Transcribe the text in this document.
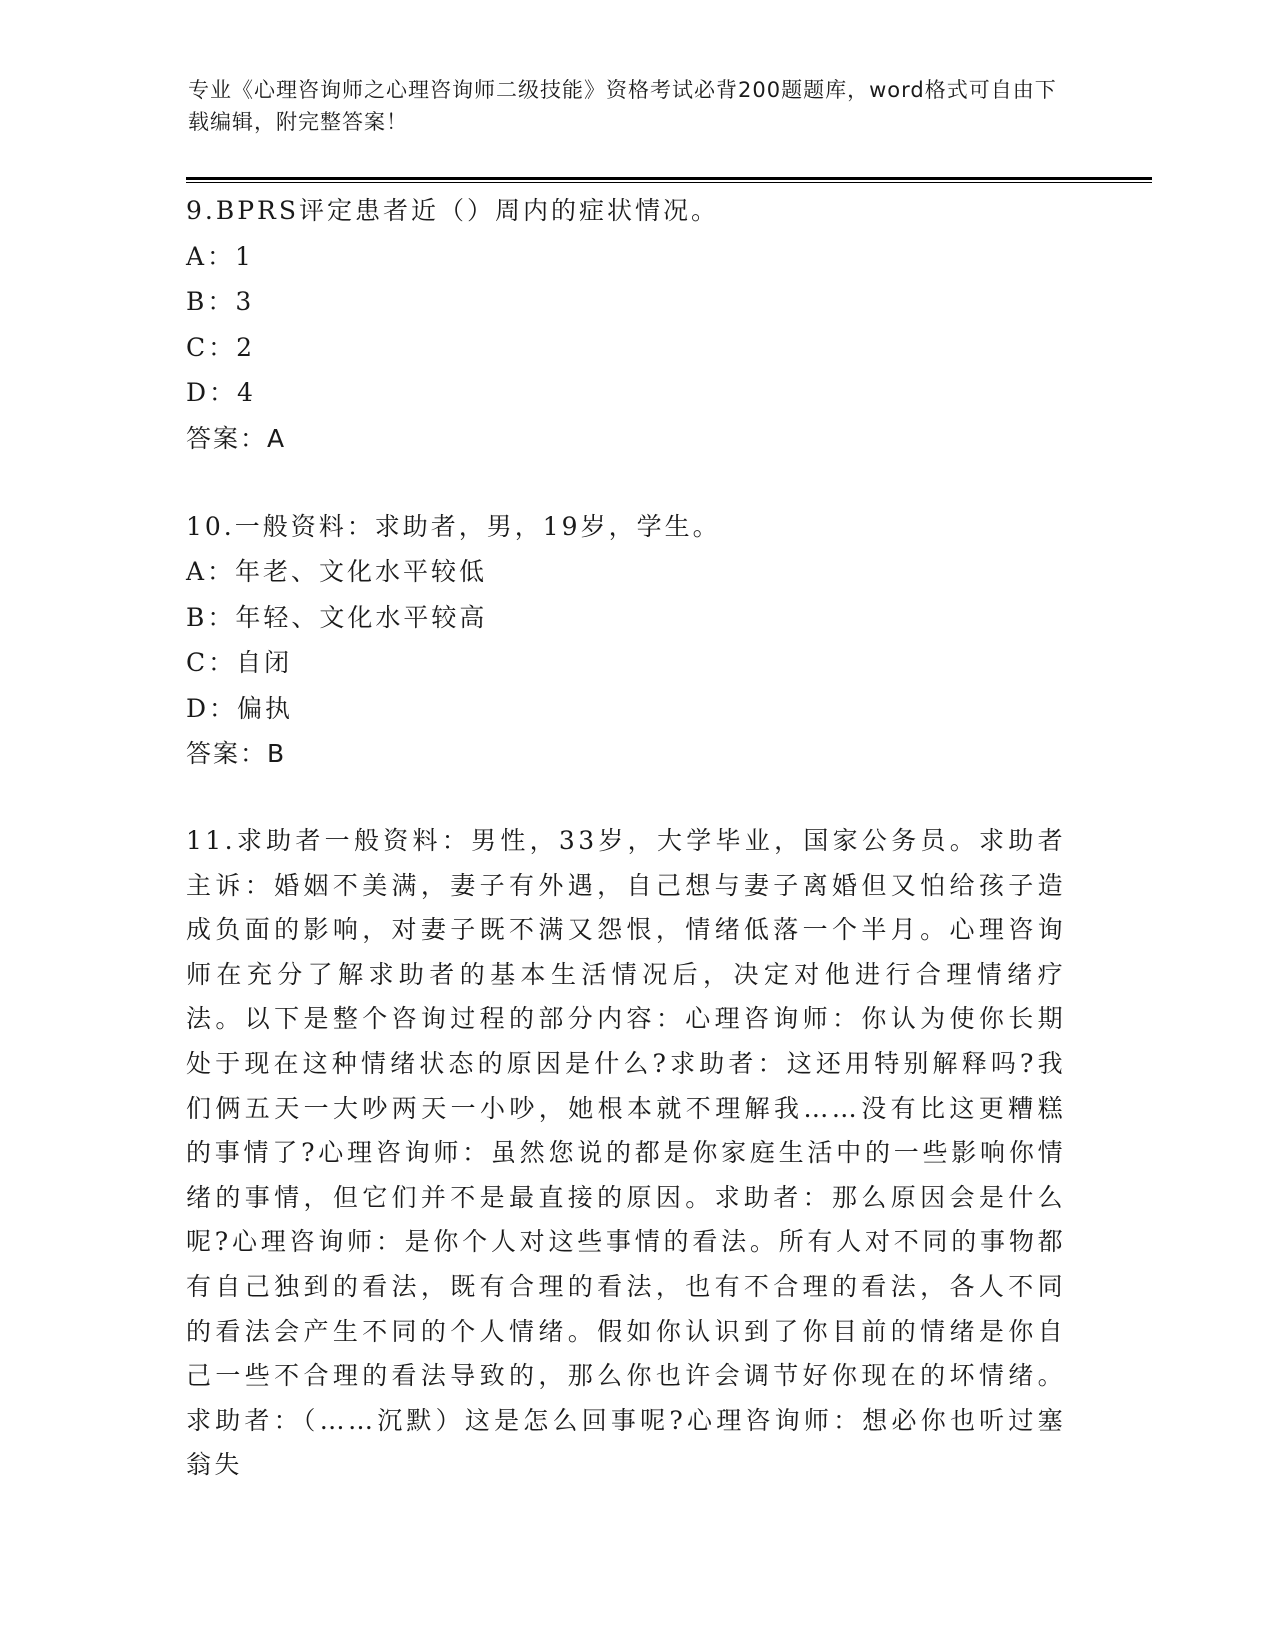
专业《心理咨询师之心理咨询师二级技能》资格考试必背200题题库，word格式可自由下载编辑，附完整答案！
9.BPRS评定患者近（）周内的症状情况。
A：1
B：3
C：2
D：4
答案：A
10.一般资料：求助者，男，19岁，学生。
A：年老、文化水平较低
B：年轻、文化水平较高
C：自闭
D：偏执
答案：B
11.求助者一般资料：男性，33岁，大学毕业，国家公务员。求助者主诉：婚姻不美满，妻子有外遇，自己想与妻子离婚但又怕给孩子造成负面的影响，对妻子既不满又怨恨，情绪低落一个半月。心理咨询师在充分了解求助者的基本生活情况后，决定对他进行合理情绪疗法。以下是整个咨询过程的部分内容：心理咨询师：你认为使你长期处于现在这种情绪状态的原因是什么?求助者：这还用特别解释吗?我们俩五天一大吵两天一小吵，她根本就不理解我……没有比这更糟糕的事情了?心理咨询师：虽然您说的都是你家庭生活中的一些影响你情绪的事情，但它们并不是最直接的原因。求助者：那么原因会是什么呢?心理咨询师：是你个人对这些事情的看法。所有人对不同的事物都有自己独到的看法，既有合理的看法，也有不合理的看法，各人不同的看法会产生不同的个人情绪。假如你认识到了你目前的情绪是你自己一些不合理的看法导致的，那么你也许会调节好你现在的坏情绪。求助者：（……沉默）这是怎么回事呢?心理咨询师：想必你也听过塞翁失
